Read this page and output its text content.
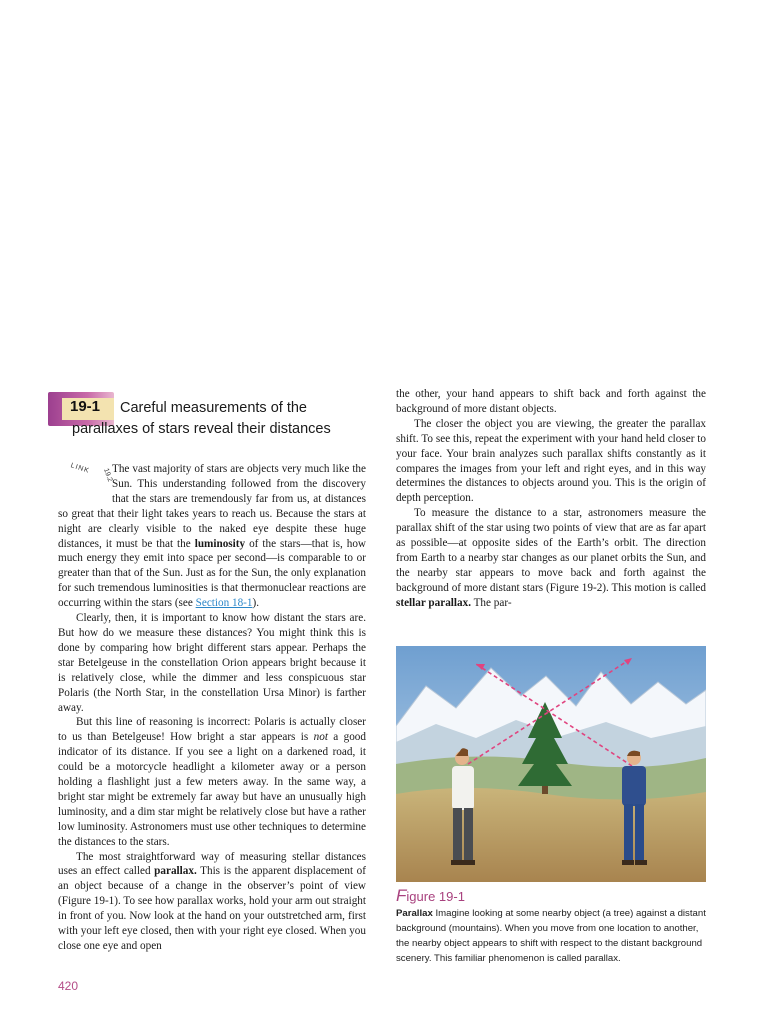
19-1 Careful measurements of the
parallaxes of stars reveal their distances

LINK	19.2
The vast majority of stars are objects very much like the Sun. This understanding followed from the discovery that the stars are tremendously far from us, at distances so great that their light takes years to reach us. Because the stars at night are clearly visible to the naked eye despite these huge distances, it must be that the luminosity of the stars—that is, how much energy they emit into space per second—is comparable to or greater than that of the Sun. Just as for the Sun, the only explanation for such tremendous luminosities is that thermonuclear reactions are occurring within the stars (see Section 18-1).

Clearly, then, it is important to know how distant the stars are. But how do we measure these distances? You might think this is done by comparing how bright different stars appear. Perhaps the star Betelgeuse in the constellation Orion appears bright because it is relatively close, while the dimmer and less conspicuous star Polaris (the North Star, in the constellation Ursa Minor) is farther away.

But this line of reasoning is incorrect: Polaris is actually closer to us than Betelgeuse! How bright a star appears is not a good indicator of its distance. If you see a light on a darkened road, it could be a motorcycle headlight a kilometer away or a person holding a flashlight just a few meters away. In the same way, a bright star might be extremely far away but have an unusually high luminosity, and a dim star might be relatively close but have a rather low luminosity. Astronomers must use other techniques to determine the distances to the stars.

The most straightforward way of measuring stellar distances uses an effect called parallax. This is the apparent displacement of an object because of a change in the observer’s point of view (Figure 19-1). To see how parallax works, hold your arm out straight in front of you. Now look at the hand on your outstretched arm, first with your left eye closed, then with your right eye closed. When you close one eye and open

the other, your hand appears to shift back and forth against the background of more distant objects.

The closer the object you are viewing, the greater the parallax shift. To see this, repeat the experiment with your hand held closer to your face. Your brain analyzes such parallax shifts constantly as it compares the images from your left and right eyes, and in this way determines the distances to objects around you. This is the origin of depth perception.

To measure the distance to a star, astronomers measure the parallax shift of the star using two points of view that are as far apart as possible—at opposite sides of the Earth’s orbit. The direction from Earth to a nearby star changes as our planet orbits the Sun, and the nearby star appears to move back and forth against the background of more distant stars (Figure 19-2). This motion is called stellar parallax. The par-

Figure 19-1
Parallax Imagine looking at some nearby object (a tree) against a distant background (mountains). When you move from one location to another, the nearby object appears to shift with respect to the distant background scenery. This familiar phenomenon is called parallax.
420
